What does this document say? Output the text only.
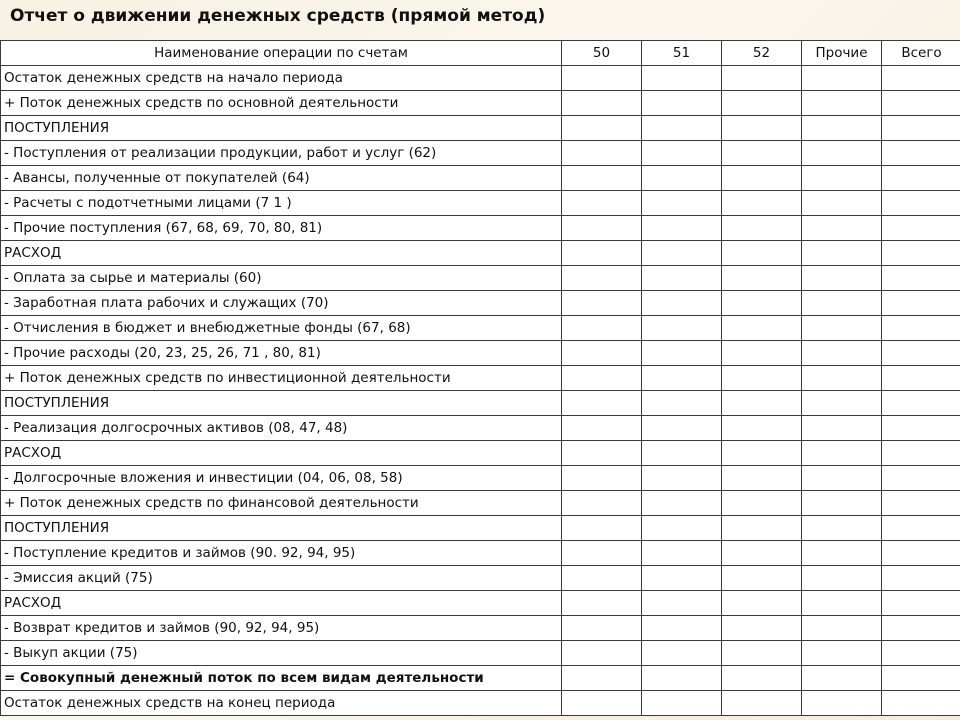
Отчет о движении денежных средств (прямой метод)
Наименование операции по счетам	50	51	52	Прочие	Всего
Остаток денежных средств на начало периода					
+ Поток денежных средств по основной деятельности					
ПОСТУПЛЕНИЯ					
- Поступления от реализации продукции, работ и услуг (62)					
- Авансы, полученные от покупателей (64)					
- Расчеты с подотчетными лицами (7 1 )					
- Прочие поступления (67, 68, 69, 70, 80, 81)					
РАСХОД					
- Оплата за сырье и материалы (60)					
- Заработная плата рабочих и служащих (70)					
- Отчисления в бюджет и внебюджетные фонды (67, 68)					
- Прочие расходы (20, 23, 25, 26, 71 , 80, 81)					
+ Поток денежных средств по инвестиционной деятельности					
ПОСТУПЛЕНИЯ					
- Реализация долгосрочных активов (08, 47, 48)					
РАСХОД					
- Долгосрочные вложения и инвестиции (04, 06, 08, 58)					
+ Поток денежных средств по финансовой деятельности					
ПОСТУПЛЕНИЯ					
- Поступление кредитов и займов (90. 92, 94, 95)					
- Эмиссия акций (75)					
РАСХОД					
- Возврат кредитов и займов (90, 92, 94, 95)					
- Выкуп акции (75)					
= Совокупный денежный поток по всем видам деятельности					
Остаток денежных средств на конец периода					
